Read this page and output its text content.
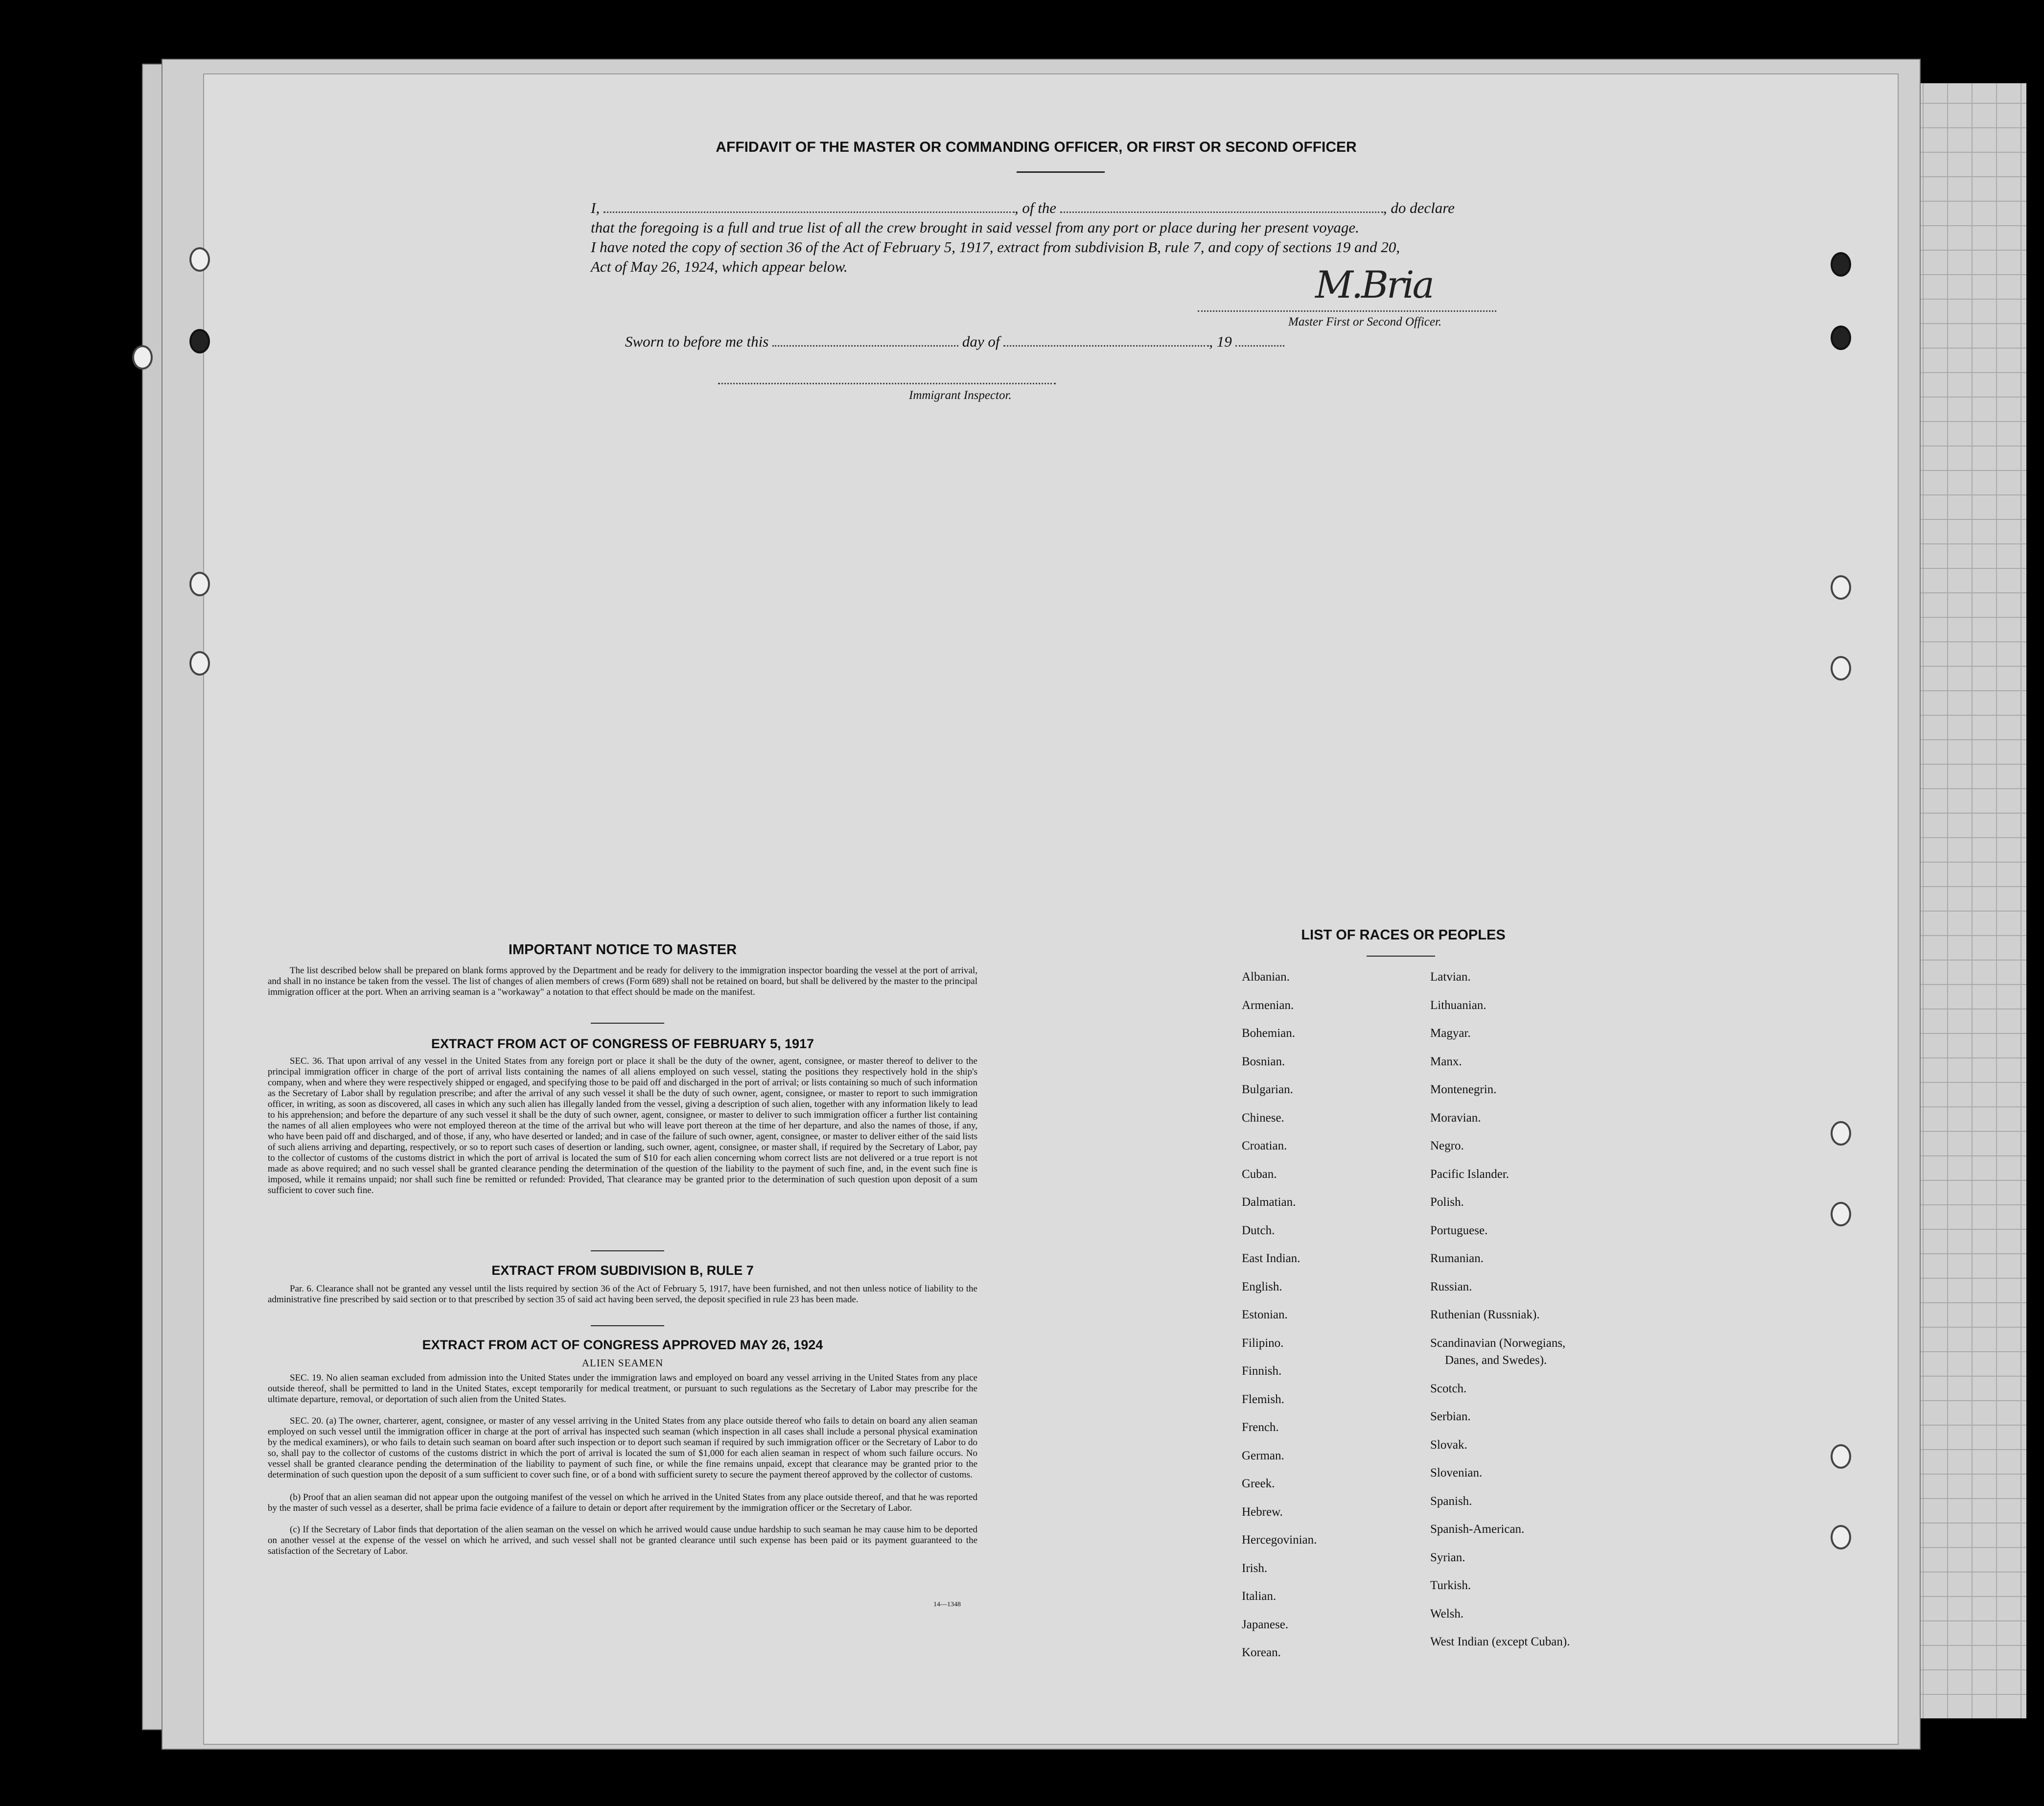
AFFIDAVIT OF THE MASTER OR COMMANDING OFFICER, OR FIRST OR SECOND OFFICER
I,	, of the	, do declare
that the foregoing is a full and true list of all the crew brought in said vessel from any port or place during her present voyage.
I have noted the copy of section 36 of the Act of February 5, 1917, extract from subdivision B, rule 7, and copy of sections 19 and 20,
Act of May 26, 1924, which appear below.	M.Bria
Master First or Second Officer.
Sworn to before me this	day of	, 19
Immigrant Inspector.
IMPORTANT NOTICE TO MASTER
The list described below shall be prepared on blank forms approved by the Department and be ready for delivery to the immigration inspector boarding the vessel at the port of arrival, and shall in no instance be taken from the vessel. The list of changes of alien members of crews (Form 689) shall not be retained on board, but shall be delivered by the master to the principal immigration officer at the port. When an arriving seaman is a "workaway" a notation to that effect should be made on the manifest.
EXTRACT FROM ACT OF CONGRESS OF FEBRUARY 5, 1917
SEC. 36. That upon arrival of any vessel in the United States from any foreign port or place it shall be the duty of the owner, agent, consignee, or master thereof to deliver to the principal immigration officer in charge of the port of arrival lists containing the names of all aliens employed on such vessel, stating the positions they respectively hold in the ship's company, when and where they were respectively shipped or engaged, and specifying those to be paid off and discharged in the port of arrival; or lists containing so much of such information as the Secretary of Labor shall by regulation prescribe; and after the arrival of any such vessel it shall be the duty of such owner, agent, consignee, or master to report to such immigration officer, in writing, as soon as discovered, all cases in which any such alien has illegally landed from the vessel, giving a description of such alien, together with any information likely to lead to his apprehension; and before the departure of any such vessel it shall be the duty of such owner, agent, consignee, or master to deliver to such immigration officer a further list containing the names of all alien employees who were not employed thereon at the time of the arrival but who will leave port thereon at the time of her departure, and also the names of those, if any, who have been paid off and discharged, and of those, if any, who have deserted or landed; and in case of the failure of such owner, agent, consignee, or master to deliver either of the said lists of such aliens arriving and departing, respectively, or so to report such cases of desertion or landing, such owner, agent, consignee, or master shall, if required by the Secretary of Labor, pay to the collector of customs of the customs district in which the port of arrival is located the sum of $10 for each alien concerning whom correct lists are not delivered or a true report is not made as above required; and no such vessel shall be granted clearance pending the determination of the question of the liability to the payment of such fine, and, in the event such fine is imposed, while it remains unpaid; nor shall such fine be remitted or refunded: Provided, That clearance may be granted prior to the determination of such question upon deposit of a sum sufficient to cover such fine.
EXTRACT FROM SUBDIVISION B, RULE 7
Par. 6. Clearance shall not be granted any vessel until the lists required by section 36 of the Act of February 5, 1917, have been furnished, and not then unless notice of liability to the administrative fine prescribed by said section or to that prescribed by section 35 of said act having been served, the deposit specified in rule 23 has been made.
EXTRACT FROM ACT OF CONGRESS APPROVED MAY 26, 1924
ALIEN SEAMEN
SEC. 19. No alien seaman excluded from admission into the United States under the immigration laws and employed on board any vessel arriving in the United States from any place outside thereof, shall be permitted to land in the United States, except temporarily for medical treatment, or pursuant to such regulations as the Secretary of Labor may prescribe for the ultimate departure, removal, or deportation of such alien from the United States.
SEC. 20. (a) The owner, charterer, agent, consignee, or master of any vessel arriving in the United States from any place outside thereof who fails to detain on board any alien seaman employed on such vessel until the immigration officer in charge at the port of arrival has inspected such seaman (which inspection in all cases shall include a personal physical examination by the medical examiners), or who fails to detain such seaman on board after such inspection or to deport such seaman if required by such immigration officer or the Secretary of Labor to do so, shall pay to the collector of customs of the customs district in which the port of arrival is located the sum of $1,000 for each alien seaman in respect of whom such failure occurs. No vessel shall be granted clearance pending the determination of the liability to payment of such fine, or while the fine remains unpaid, except that clearance may be granted prior to the determination of such question upon the deposit of a sum sufficient to cover such fine, or of a bond with sufficient surety to secure the payment thereof approved by the collector of customs.
(b) Proof that an alien seaman did not appear upon the outgoing manifest of the vessel on which he arrived in the United States from any place outside thereof, and that he was reported by the master of such vessel as a deserter, shall be prima facie evidence of a failure to detain or deport after requirement by the immigration officer or the Secretary of Labor.
(c) If the Secretary of Labor finds that deportation of the alien seaman on the vessel on which he arrived would cause undue hardship to such seaman he may cause him to be deported on another vessel at the expense of the vessel on which he arrived, and such vessel shall not be granted clearance until such expense has been paid or its payment guaranteed to the satisfaction of the Secretary of Labor.
14—1348
LIST OF RACES OR PEOPLES
Albanian.
Armenian.
Bohemian.
Bosnian.
Bulgarian.
Chinese.
Croatian.
Cuban.
Dalmatian.
Dutch.
East Indian.
English.
Estonian.
Filipino.
Finnish.
Flemish.
French.
German.
Greek.
Hebrew.
Hercegovinian.
Irish.
Italian.
Japanese.
Korean.
Latvian.
Lithuanian.
Magyar.
Manx.
Montenegrin.
Moravian.
Negro.
Pacific Islander.
Polish.
Portuguese.
Rumanian.
Russian.
Ruthenian (Russniak).
Scandinavian (Norwegians,
Danes, and Swedes).
Scotch.
Serbian.
Slovak.
Slovenian.
Spanish.
Spanish-American.
Syrian.
Turkish.
Welsh.
West Indian (except Cuban).
